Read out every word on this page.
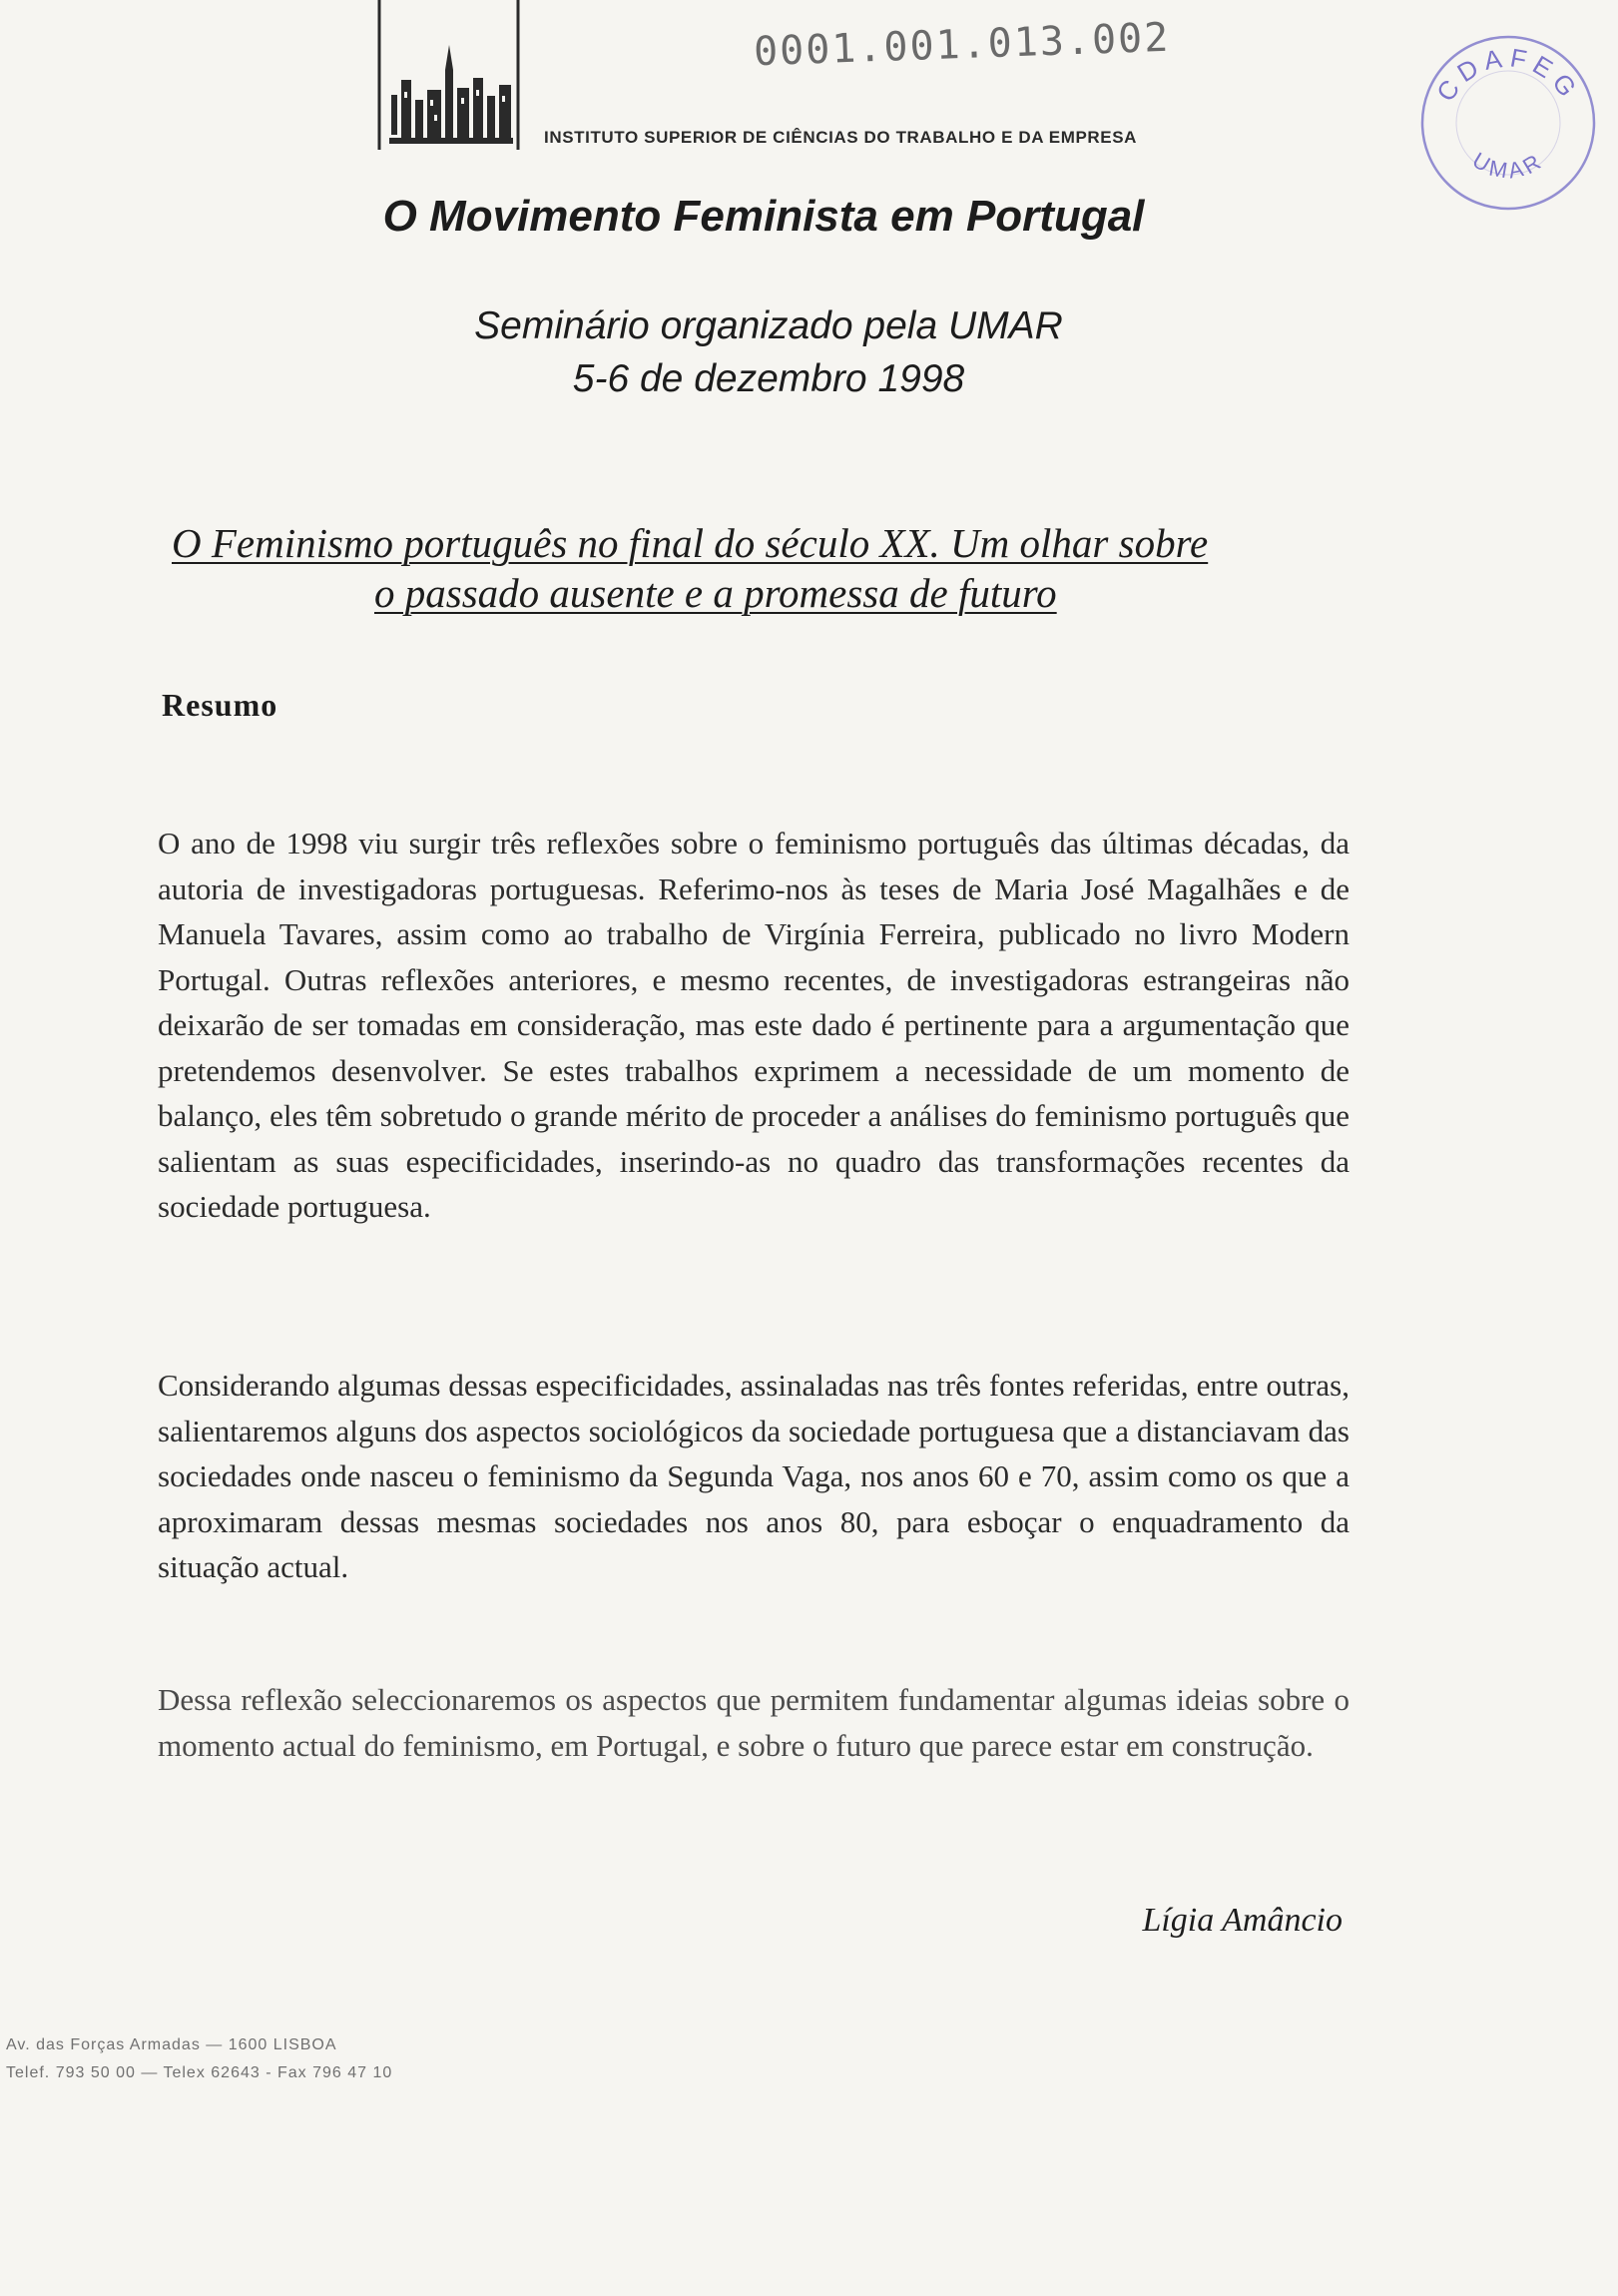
0001.001.013.002
CDAFEG
UMAR
INSTITUTO SUPERIOR DE CIÊNCIAS DO TRABALHO E DA EMPRESA
O Movimento Feminista em Portugal
Seminário organizado pela UMAR
5-6 de dezembro 1998
O Feminismo português no final do século XX. Um olhar sobre
o passado ausente e a promessa de futuro
Resumo
O ano de 1998 viu surgir três reflexões sobre o feminismo português das últimas décadas, da autoria de investigadoras portuguesas. Referimo-nos às teses de Maria José Magalhães e de Manuela Tavares, assim como ao trabalho de Virgínia Ferreira, publicado no livro Modern Portugal. Outras reflexões anteriores, e mesmo recentes, de investigadoras estrangeiras não deixarão de ser tomadas em consideração, mas este dado é pertinente para a argumentação que pretendemos desenvolver. Se estes trabalhos exprimem a necessidade de um momento de balanço, eles têm sobretudo o grande mérito de proceder a análises do feminismo português que salientam as suas especificidades, inserindo-as no quadro das transformações recentes da sociedade portuguesa.
Considerando algumas dessas especificidades, assinaladas nas três fontes referidas, entre outras, salientaremos alguns dos aspectos sociológicos da sociedade portuguesa que a distanciavam das sociedades onde nasceu o feminismo da Segunda Vaga, nos anos 60 e 70, assim como os que a aproximaram dessas mesmas sociedades nos anos 80, para esboçar o enquadramento da situação actual.
Dessa reflexão seleccionaremos os aspectos que permitem fundamentar algumas ideias sobre o momento actual do feminismo, em Portugal, e sobre o futuro que parece estar em construção.
Lígia Amâncio
Av. das Forças Armadas — 1600 LISBOA
Telef. 793 50 00 — Telex 62643 - Fax 796 47 10
